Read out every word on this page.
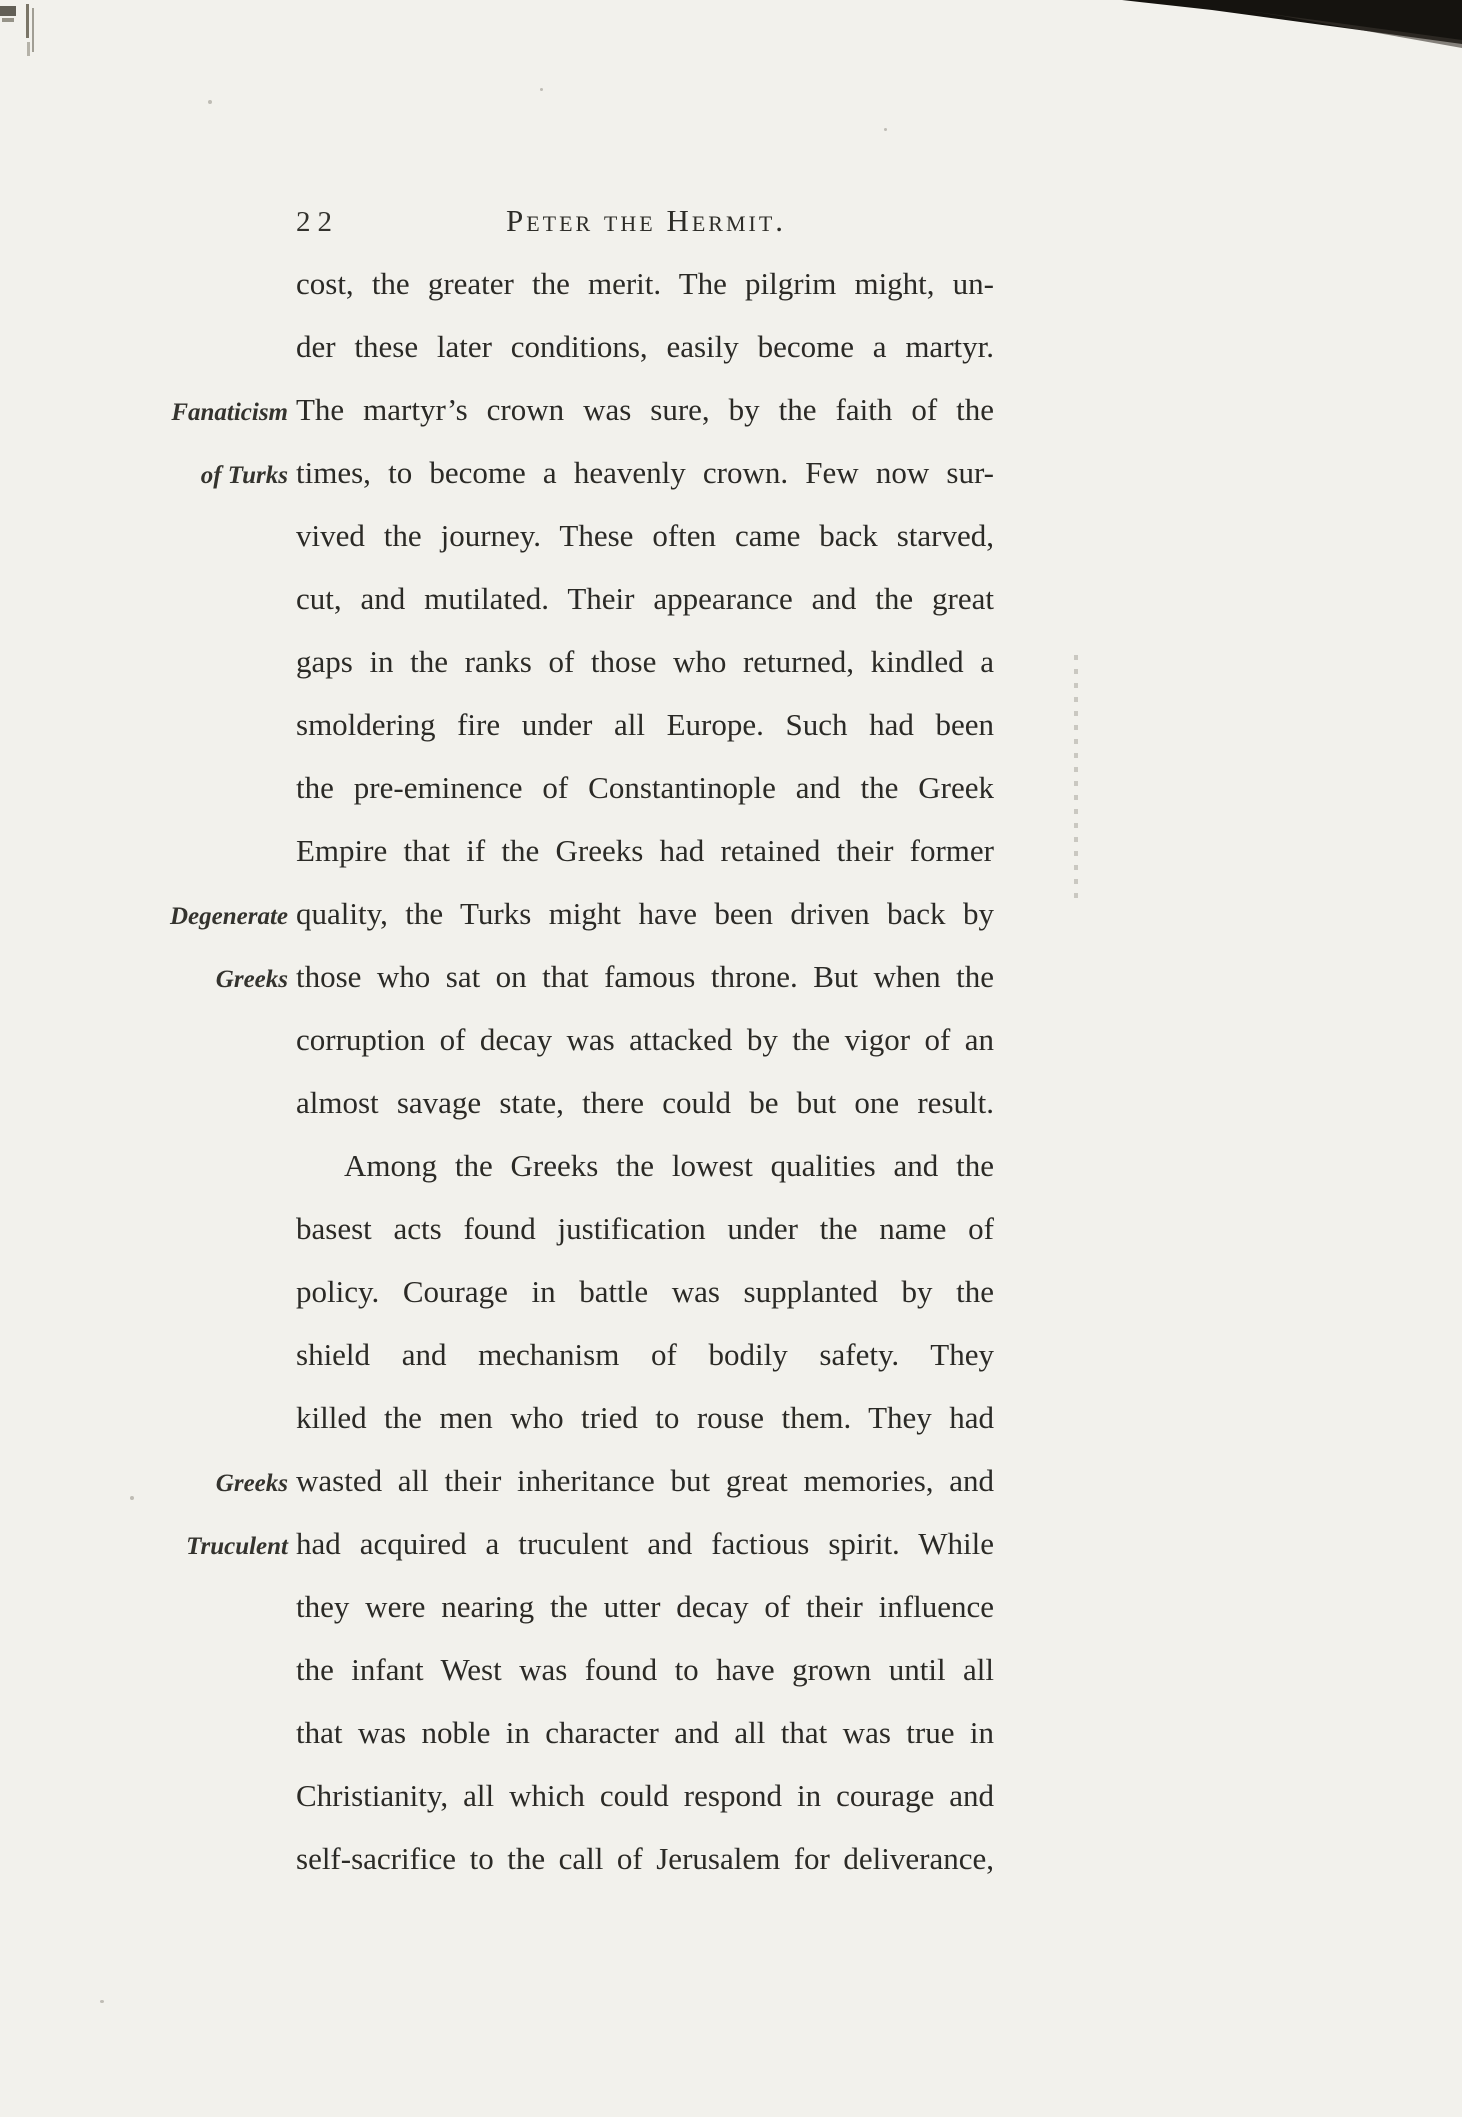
22	Peter the Hermit.
cost, the greater the merit. The pilgrim might, un-
der these later conditions, easily become a martyr.
Fanaticism The martyr’s crown was sure, by the faith of the
of Turks times, to become a heavenly crown. Few now sur-
vived the journey. These often came back starved,
cut, and mutilated. Their appearance and the great
gaps in the ranks of those who returned, kindled a
smoldering fire under all Europe. Such had been
the pre-eminence of Constantinople and the Greek
Empire that if the Greeks had retained their former
Degenerate quality, the Turks might have been driven back by
Greeks those who sat on that famous throne. But when the
corruption of decay was attacked by the vigor of an
almost savage state, there could be but one result.
Among the Greeks the lowest qualities and the
basest acts found justification under the name of
policy. Courage in battle was supplanted by the
shield and mechanism of bodily safety. They
killed the men who tried to rouse them. They had
Greeks wasted all their inheritance but great memories, and
Truculent had acquired a truculent and factious spirit. While
they were nearing the utter decay of their influence
the infant West was found to have grown until all
that was noble in character and all that was true in
Christianity, all which could respond in courage and
self-sacrifice to the call of Jerusalem for deliverance,
